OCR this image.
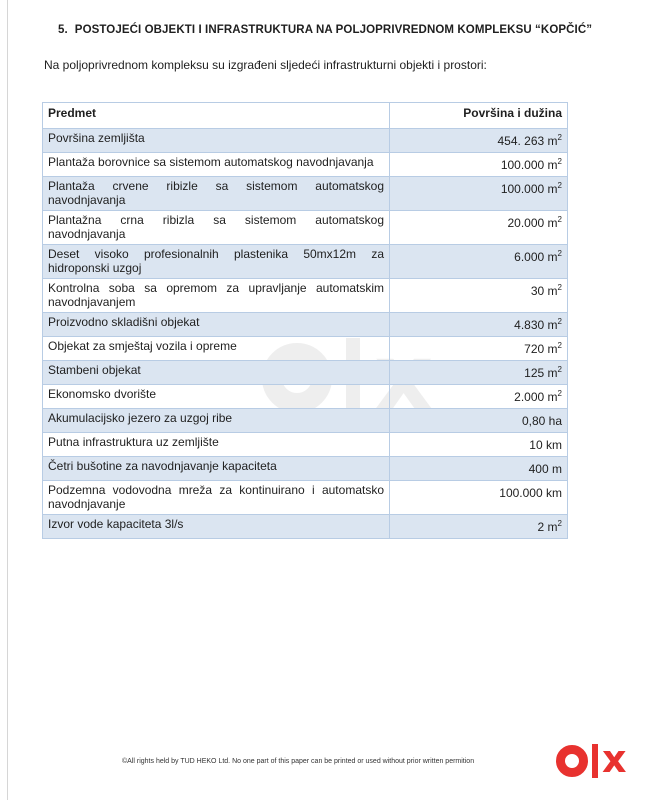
5. POSTOJEĆI OBJEKTI I INFRASTRUKTURA NA POLJOPRIVREDNOM KOMPLEKSU “KOPČIĆ”
Na poljoprivrednom kompleksu su izgrađeni sljedeći infrastrukturni objekti i prostori:
Predmet	Površina i dužina
Površina zemljišta	454. 263 $m^2$
Plantaža borovnice sa sistemom automatskog navodnjavanja	100.000 $m^2$
Plantaža crvene ribizle sa sistemom automatskog navodnjavanja	100.000 $m^2$
Plantažna crna ribizla sa sistemom automatskog navodnjavanja	20.000 $m^2$
Deset visoko profesionalnih plastenika 50mx12m za hidroponski uzgoj	6.000 $m^2$
Kontrolna soba sa opremom za upravljanje automatskim navodnjavanjem	30 $m^2$
Proizvodno skladišni objekat	4.830 $m^2$
Objekat za smještaj vozila i opreme	720 $m^2$
Stambeni objekat	125 $m^2$
Ekonomsko dvorište	2.000 $m^2$
Akumulacijsko jezero za uzgoj ribe	0,80 ha
Putna infrastruktura uz zemljište	10 km
Četri bušotine za navodnjavanje kapaciteta	400 m
Podzemna vodovodna mreža za kontinuirano i automatsko navodnjavanje	100.000 km
Izvor vode kapaciteta 3l/s	2 $m^2$
©All rights held by TUD HEKO Ltd. No one part of this paper can be printed or used without prior written permition	x
